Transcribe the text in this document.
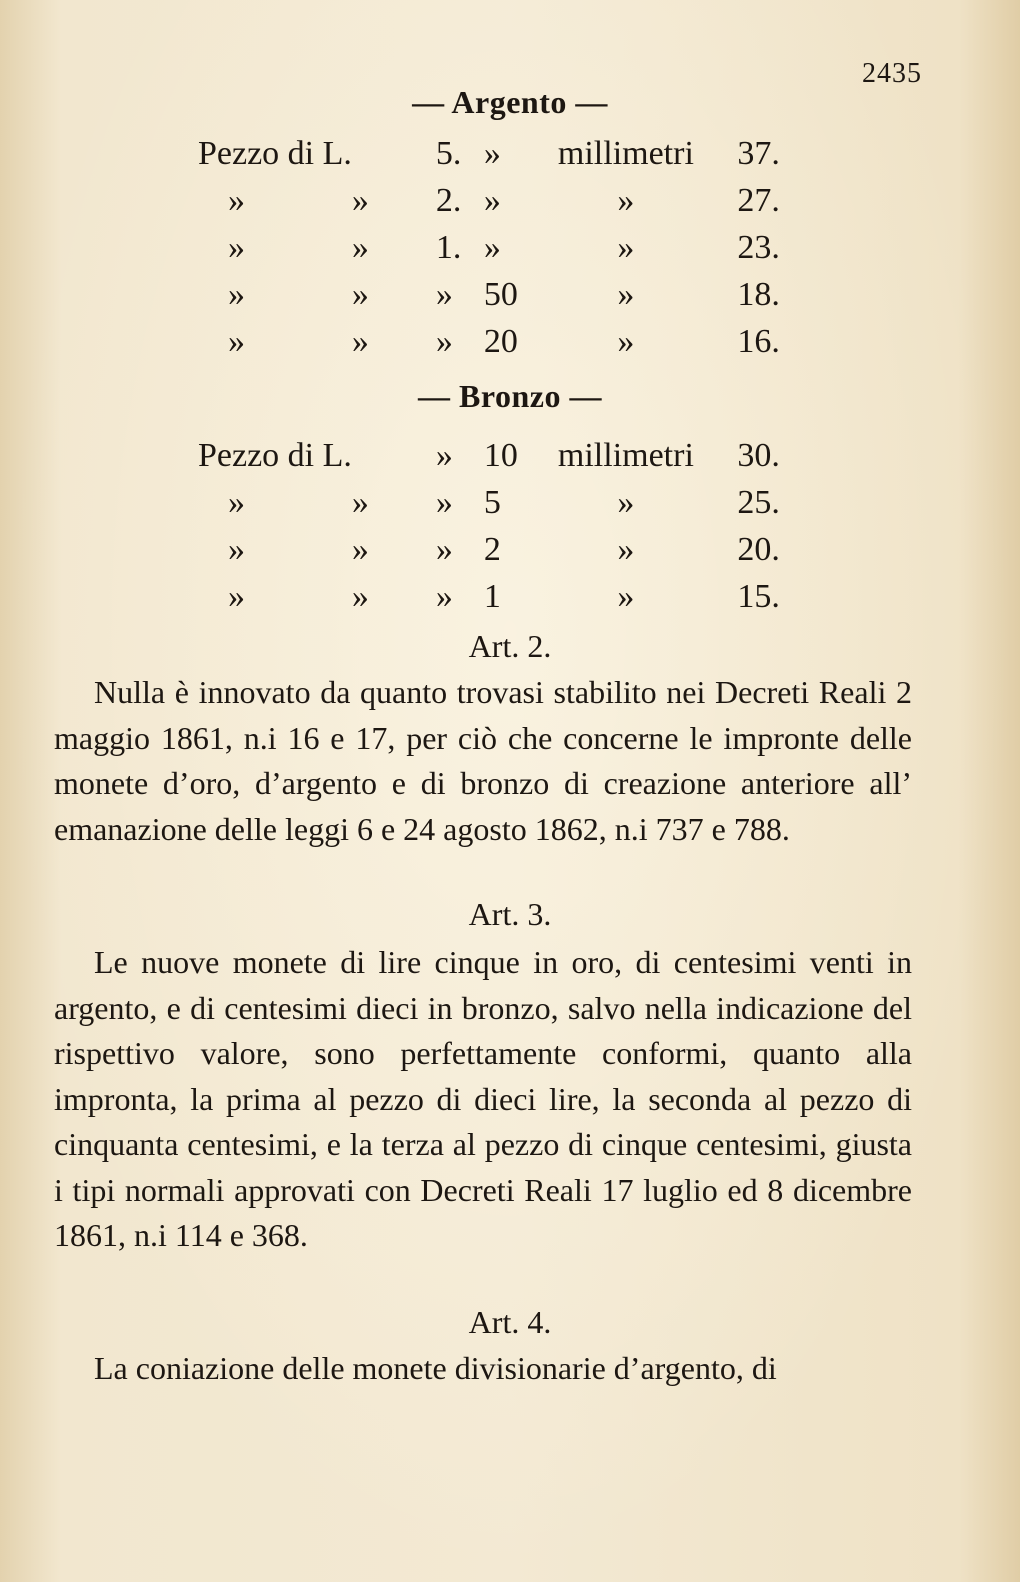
2435
— Argento —
Pezzo di L.		5.	»	millimetri	37.
»	»	2.	»	»	27.
»	»	1.	»	»	23.
»	»	»	50	»	18.
»	»	»	20	»	16.
— Bronzo —
Pezzo di L.		»	10	millimetri	30.
»	»	»	5	»	25.
»	»	»	2	»	20.
»	»	»	1	»	15.
Art. 2.
Nulla è innovato da quanto trovasi stabilito nei Decreti Reali 2 maggio 1861, n.i 16 e 17, per ciò che concerne le impronte delle monete d’oro, d’argento e di bronzo di creazione anteriore all’ emanazione delle leggi 6 e 24 agosto 1862, n.i 737 e 788.
Art. 3.
Le nuove monete di lire cinque in oro, di centesimi venti in argento, e di centesimi dieci in bronzo, salvo nella indicazione del rispettivo valore, sono perfettamente conformi, quanto alla impronta, la prima al pezzo di dieci lire, la seconda al pezzo di cinquanta centesimi, e la terza al pezzo di cinque centesimi, giusta i tipi normali approvati con Decreti Reali 17 luglio ed 8 dicembre 1861, n.i 114 e 368.
Art. 4.
La coniazione delle monete divisionarie d’argento, di
